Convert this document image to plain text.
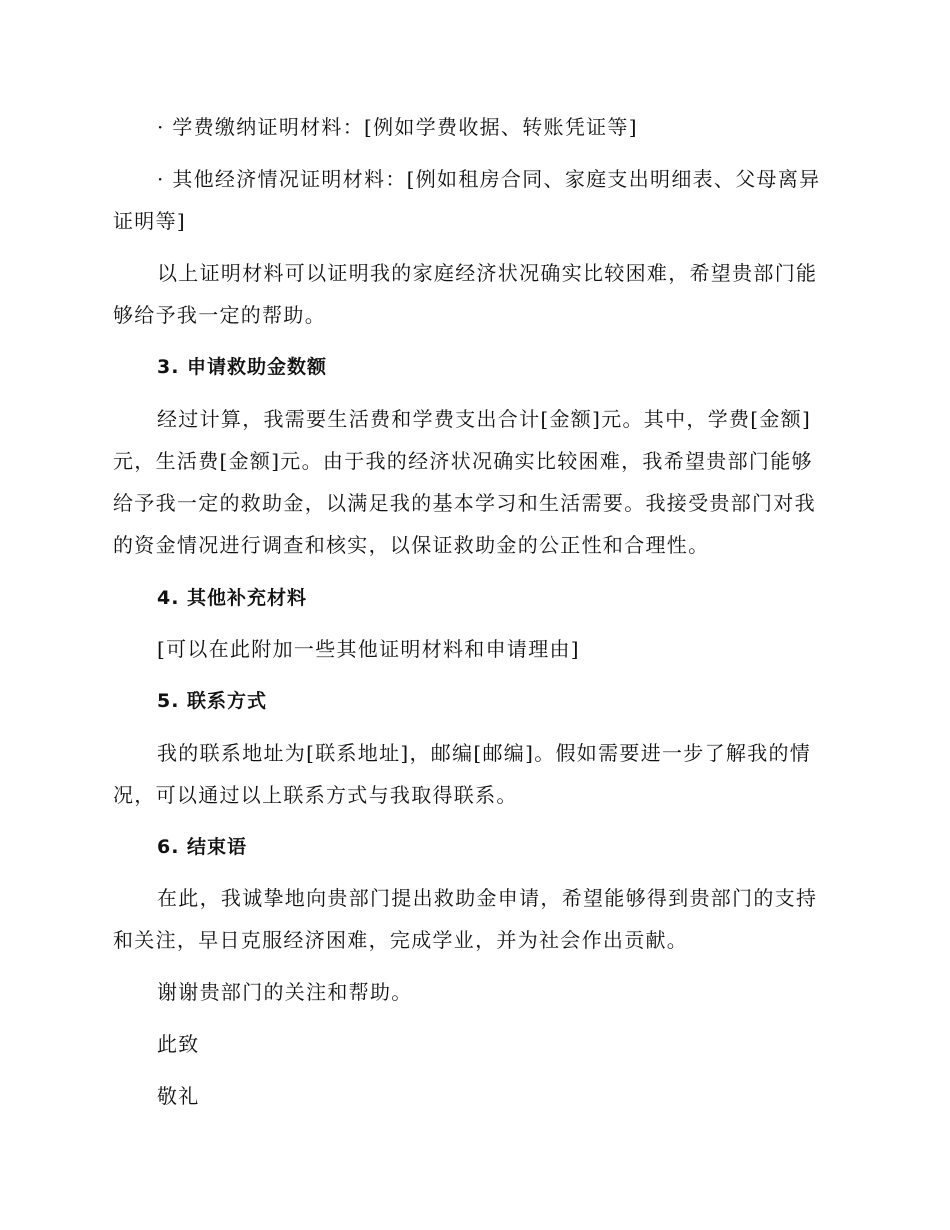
· 学费缴纳证明材料：[例如学费收据、转账凭证等]

· 其他经济情况证明材料：[例如租房合同、家庭支出明细表、父母离异

证明等]

以上证明材料可以证明我的家庭经济状况确实比较困难，希望贵部门能

够给予我一定的帮助。

3. 申请救助金数额

经过计算，我需要生活费和学费支出合计[金额]元。其中，学费[金额]

元，生活费[金额]元。由于我的经济状况确实比较困难，我希望贵部门能够

给予我一定的救助金，以满足我的基本学习和生活需要。我接受贵部门对我

的资金情况进行调查和核实，以保证救助金的公正性和合理性。

4. 其他补充材料

[可以在此附加一些其他证明材料和申请理由]

5. 联系方式

我的联系地址为[联系地址]，邮编[邮编]。假如需要进一步了解我的情

况，可以通过以上联系方式与我取得联系。

6. 结束语

在此，我诚挚地向贵部门提出救助金申请，希望能够得到贵部门的支持

和关注，早日克服经济困难，完成学业，并为社会作出贡献。

谢谢贵部门的关注和帮助。

此致

敬礼
